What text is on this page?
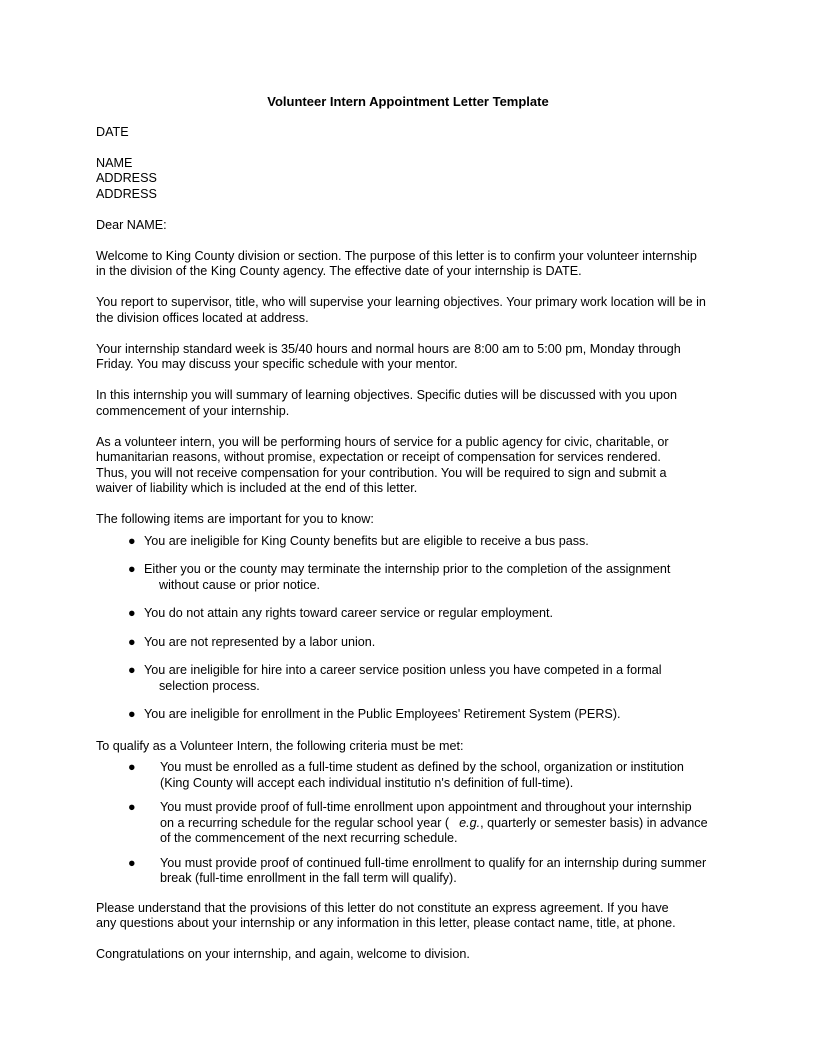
Volunteer Intern Appointment Letter Template

DATE

NAME
ADDRESS
ADDRESS

Dear NAME:

Welcome to King County division or section. The purpose of this letter is to confirm your volunteer internship
in the division of the King County agency. The effective date of your internship is DATE.
You report to supervisor, title, who will supervise your learning objectives. Your primary work location will be in
the division offices located at address.
Your internship standard week is 35/40 hours and normal hours are 8:00 am to 5:00 pm, Monday through
Friday. You may discuss your specific schedule with your mentor.
In this internship you will summary of learning objectives. Specific duties will be discussed with you upon
commencement of your internship.
As a volunteer intern, you will be performing hours of service for a public agency for civic, charitable, or
humanitarian reasons, without promise, expectation or receipt of compensation for services rendered.
Thus, you will not receive compensation for your contribution. You will be required to sign and submit a
waiver of liability which is included at the end of this letter.

The following items are important for you to know:

● You are ineligible for King County benefits but are eligible to receive a bus pass.
● Either you or the county may terminate the internship prior to the completion of the assignment
without cause or prior notice.
● You do not attain any rights toward career service or regular employment.
● You are not represented by a labor union.
● You are ineligible for hire into a career service position unless you have competed in a formal
selection process.
● You are ineligible for enrollment in the Public Employees' Retirement System (PERS).

To qualify as a Volunteer Intern, the following criteria must be met:

● You must be enrolled as a full-time student as defined by the school, organization or institution
(King County will accept each individual institutio n's definition of full-time).
● You must provide proof of full-time enrollment upon appointment and throughout your internship
on a recurring schedule for the regular school year ( e.g., quarterly or semester basis) in advance
of the commencement of the next recurring schedule.
● You must provide proof of continued full-time enrollment to qualify for an internship during summer
break (full-time enrollment in the fall term will qualify).
Please understand that the provisions of this letter do not constitute an express agreement. If you have
any questions about your internship or any information in this letter, please contact name, title, at phone.

Congratulations on your internship, and again, welcome to division.
